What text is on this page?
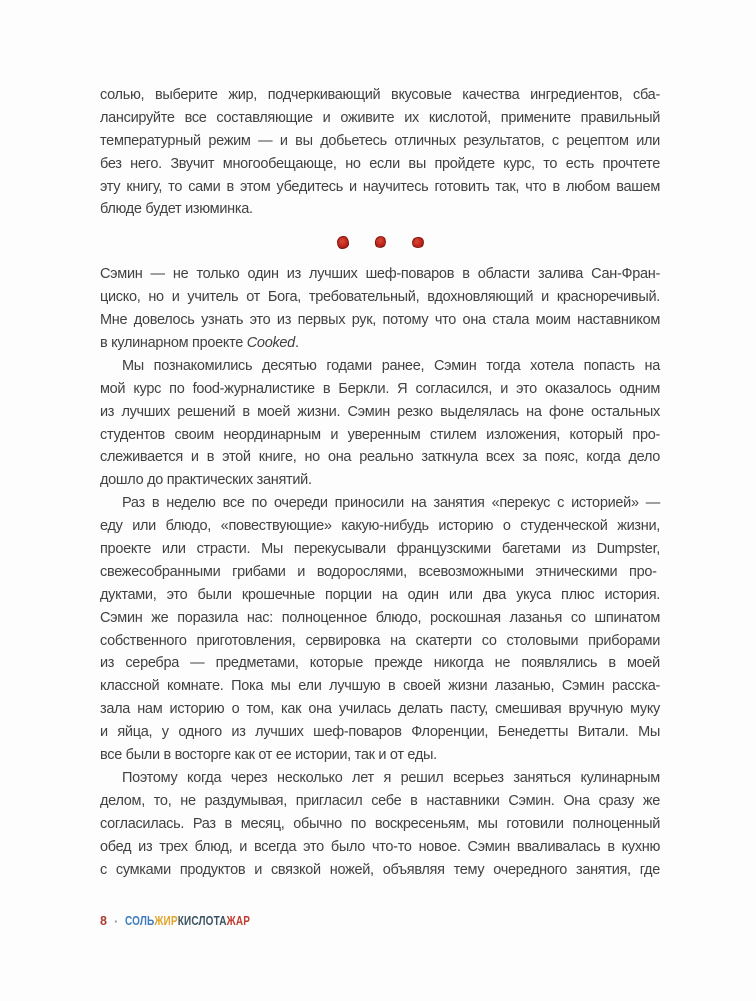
солью, выберите жир, подчеркивающий вкусовые качества ингредиентов, сба-
лансируйте все составляющие и оживите их кислотой, примените правильный
температурный режим — и вы добьетесь отличных результатов, с рецептом или
без него. Звучит многообещающе, но если вы пройдете курс, то есть прочтете
эту книгу, то сами в этом убедитесь и научитесь готовить так, что в любом вашем
блюде будет изюминка.
Сэмин — не только один из лучших шеф-поваров в области залива Сан-Фран-
циско, но и учитель от Бога, требовательный, вдохновляющий и красноречивый.
Мне довелось узнать это из первых рук, потому что она стала моим наставником
в кулинарном проекте Cooked.
Мы познакомились десятью годами ранее, Сэмин тогда хотела попасть на
мой курс по food-журналистике в Беркли. Я согласился, и это оказалось одним
из лучших решений в моей жизни. Сэмин резко выделялась на фоне остальных
студентов своим неординарным и уверенным стилем изложения, который про-
слеживается и в этой книге, но она реально заткнула всех за пояс, когда дело
дошло до практических занятий.
Раз в неделю все по очереди приносили на занятия «перекус с историей» —
еду или блюдо, «повествующие» какую-нибудь историю о студенческой жизни,
проекте или страсти. Мы перекусывали французскими багетами из Dumpster,
свежесобранными грибами и водорослями, всевозможными этническими про-
дуктами, это были крошечные порции на один или два укуса плюс история.
Сэмин же поразила нас: полноценное блюдо, роскошная лазанья со шпинатом
собственного приготовления, сервировка на скатерти со столовыми приборами
из серебра — предметами, которые прежде никогда не появлялись в моей
классной комнате. Пока мы ели лучшую в своей жизни лазанью, Сэмин расска-
зала нам историю о том, как она училась делать пасту, смешивая вручную муку
и яйца, у одного из лучших шеф-поваров Флоренции, Бенедетты Витали. Мы
все были в восторге как от ее истории, так и от еды.
Поэтому когда через несколько лет я решил всерьез заняться кулинарным
делом, то, не раздумывая, пригласил себе в наставники Сэмин. Она сразу же
согласилась. Раз в месяц, обычно по воскресеньям, мы готовили полноценный
обед из трех блюд, и всегда это было что-то новое. Сэмин вваливалась в кухню
с сумками продуктов и связкой ножей, объявляя тему очередного занятия, где
8 · СОЛЬ ЖИР КИСЛОТА ЖАР
